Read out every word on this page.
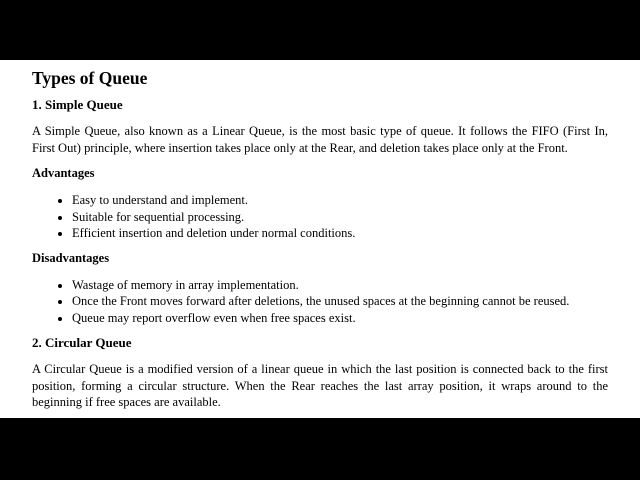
Types of Queue
1. Simple Queue

A Simple Queue, also known as a Linear Queue, is the most basic type of queue. It follows the FIFO (First In, First Out) principle, where insertion takes place only at the Rear, and deletion takes place only at the Front.

Advantages
• Easy to understand and implement.
• Suitable for sequential processing.
• Efficient insertion and deletion under normal conditions.
Disadvantages
• Wastage of memory in array implementation.
• Once the Front moves forward after deletions, the unused spaces at the beginning cannot be reused.
• Queue may report overflow even when free spaces exist.
2. Circular Queue

A Circular Queue is a modified version of a linear queue in which the last position is connected back to the first position, forming a circular structure. When the Rear reaches the last array position, it wraps around to the beginning if free spaces are available.
